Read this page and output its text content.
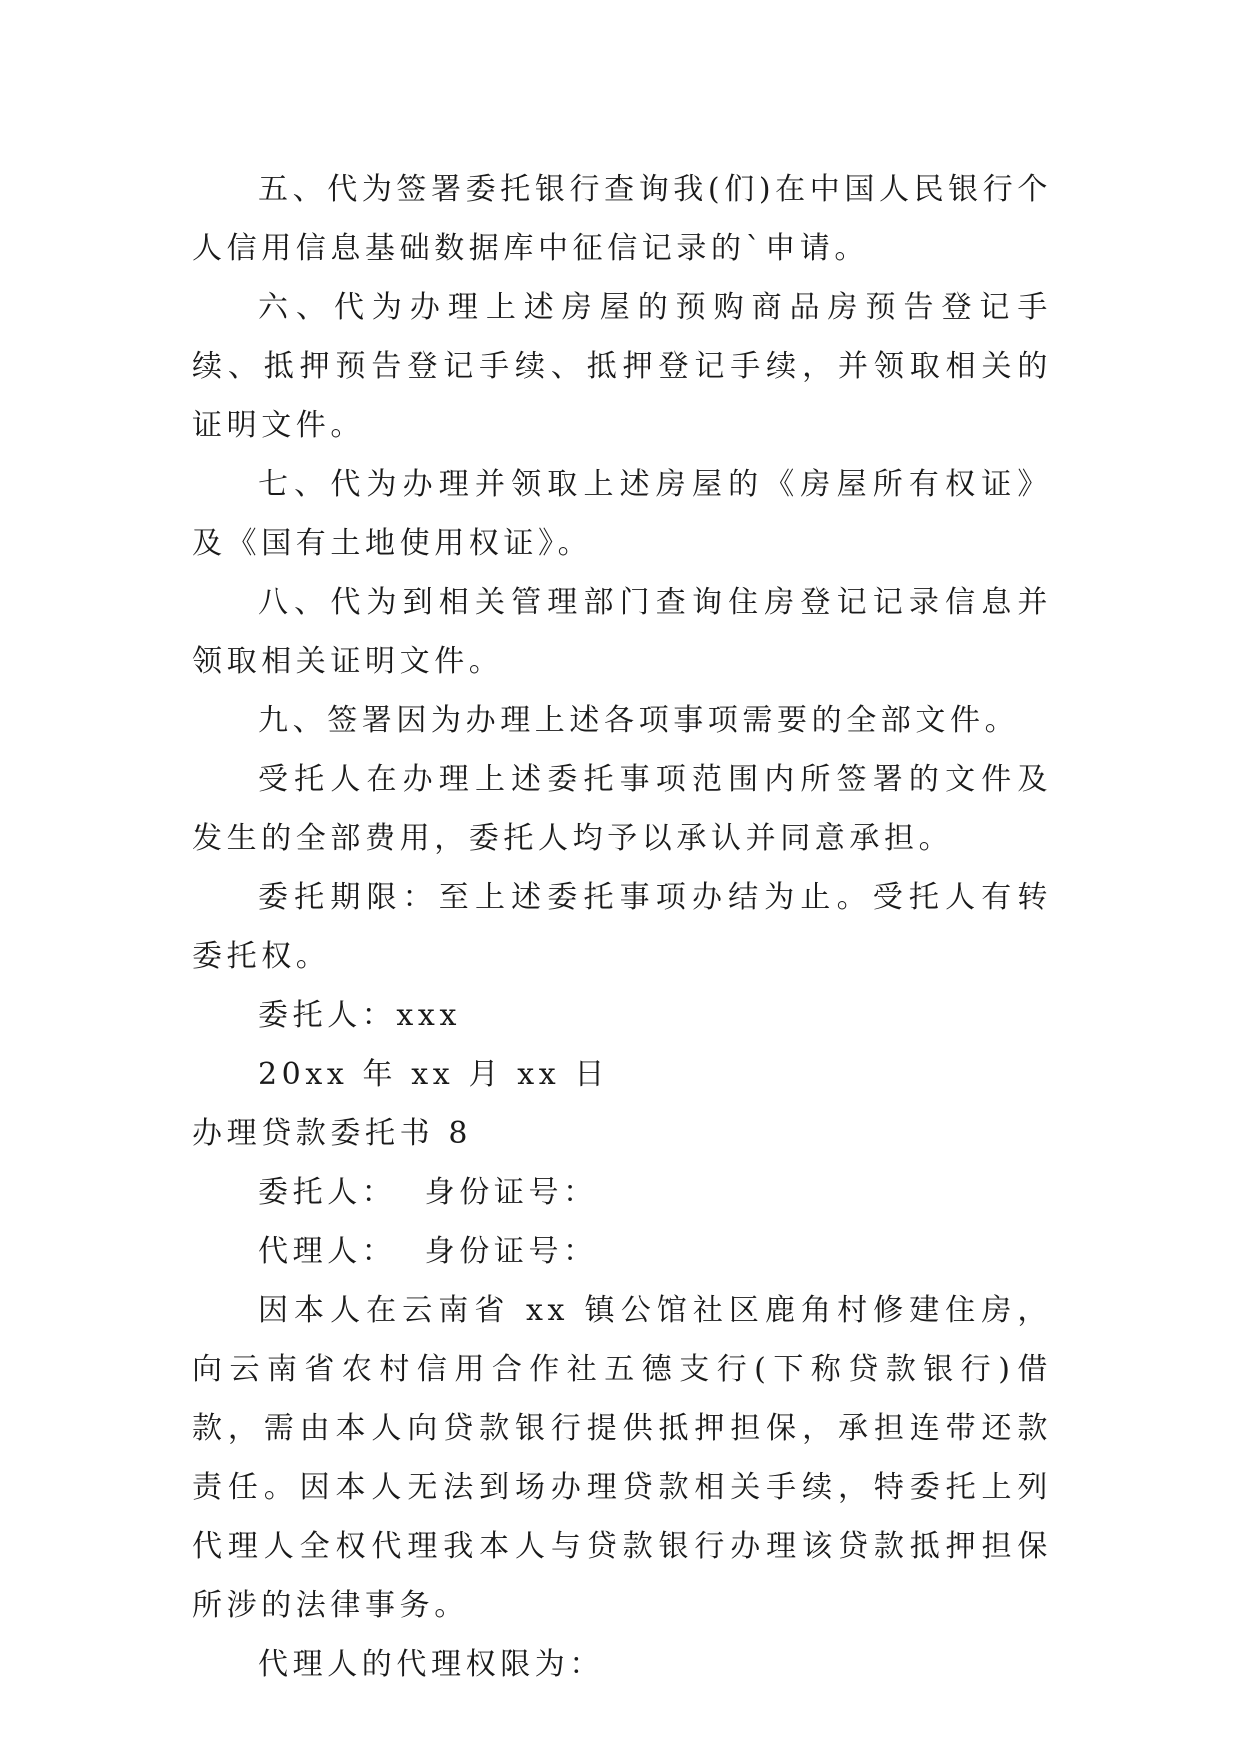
五、代为签署委托银行查询我(们)在中国人民银行个人信用信息基础数据库中征信记录的`申请。

六、代为办理上述房屋的预购商品房预告登记手续、抵押预告登记手续、抵押登记手续，并领取相关的证明文件。

七、代为办理并领取上述房屋的《房屋所有权证》及《国有土地使用权证》。

八、代为到相关管理部门查询住房登记记录信息并领取相关证明文件。

九、签署因为办理上述各项事项需要的全部文件。

受托人在办理上述委托事项范围内所签署的文件及发生的全部费用，委托人均予以承认并同意承担。

委托期限：至上述委托事项办结为止。受托人有转委托权。

委托人：xxx

20xx 年 xx 月 xx 日

办理贷款委托书 8

委托人：  身份证号：

代理人：  身份证号：

因本人在云南省 xx 镇公馆社区鹿角村修建住房，向云南省农村信用合作社五德支行(下称贷款银行)借款，需由本人向贷款银行提供抵押担保，承担连带还款责任。因本人无法到场办理贷款相关手续，特委托上列代理人全权代理我本人与贷款银行办理该贷款抵押担保所涉的法律事务。

代理人的代理权限为：
